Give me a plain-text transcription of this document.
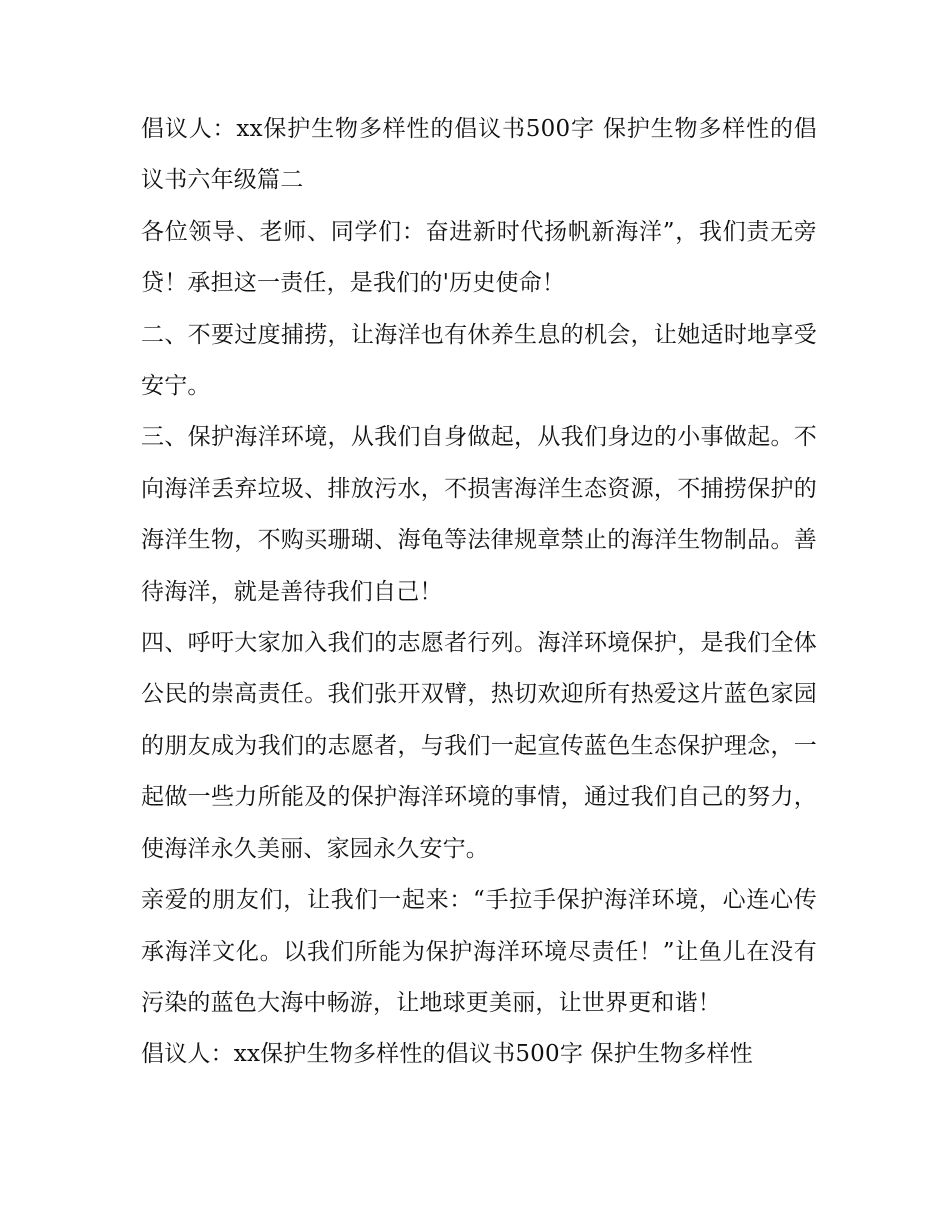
倡议人：xx保护生物多样性的倡议书500字 保护生物多样性的倡议书六年级篇二

各位领导、老师、同学们：奋进新时代扬帆新海洋”，我们责无旁贷！承担这一责任，是我们的'历史使命！

二、不要过度捕捞，让海洋也有休养生息的机会，让她适时地享受安宁。

三、保护海洋环境，从我们自身做起，从我们身边的小事做起。不向海洋丢弃垃圾、排放污水，不损害海洋生态资源，不捕捞保护的海洋生物，不购买珊瑚、海龟等法律规章禁止的海洋生物制品。善待海洋，就是善待我们自己！

四、呼吁大家加入我们的志愿者行列。海洋环境保护，是我们全体公民的崇高责任。我们张开双臂，热切欢迎所有热爱这片蓝色家园的朋友成为我们的志愿者，与我们一起宣传蓝色生态保护理念，一起做一些力所能及的保护海洋环境的事情，通过我们自己的努力，使海洋永久美丽、家园永久安宁。

亲爱的朋友们，让我们一起来：“手拉手保护海洋环境，心连心传承海洋文化。以我们所能为保护海洋环境尽责任！”让鱼儿在没有污染的蓝色大海中畅游，让地球更美丽，让世界更和谐！

倡议人：xx保护生物多样性的倡议书500字 保护生物多样性
